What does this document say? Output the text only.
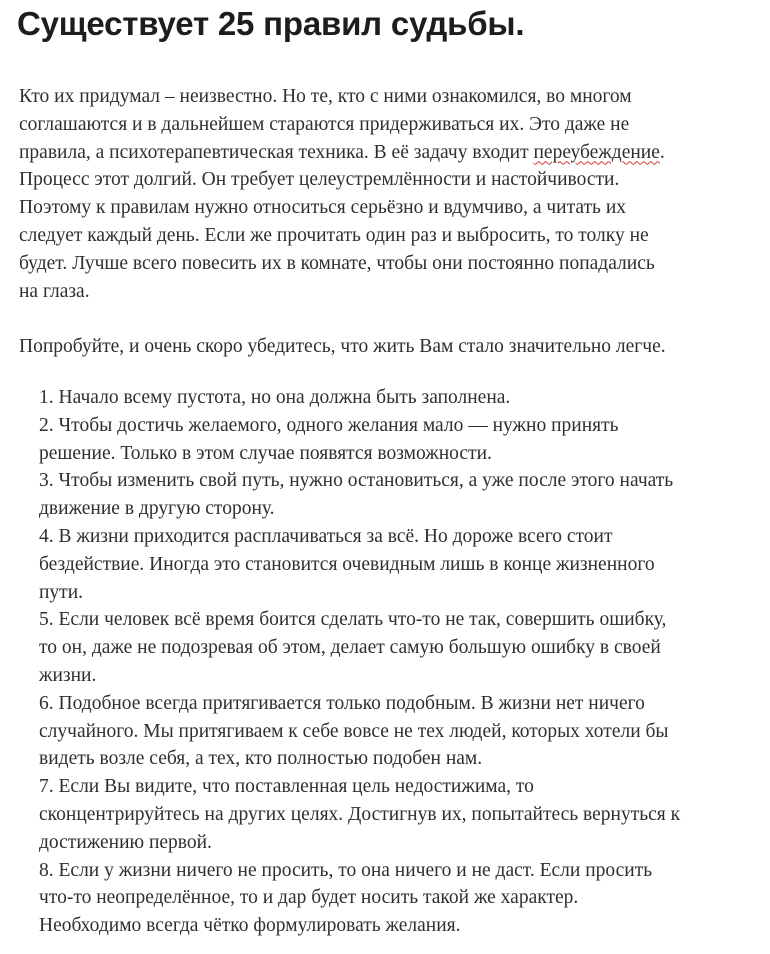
Существует 25 правил судьбы.

Кто их придумал – неизвестно. Но те, кто с ними ознакомился, во многом
соглашаются и в дальнейшем стараются придерживаться их. Это даже не
правила, а психотерапевтическая техника. В её задачу входит переубеждение.
Процесс этот долгий. Он требует целеустремлённости и настойчивости.
Поэтому к правилам нужно относиться серьёзно и вдумчиво, а читать их
следует каждый день. Если же прочитать один раз и выбросить, то толку не
будет. Лучше всего повесить их в комнате, чтобы они постоянно попадались
на глаза.

Попробуйте, и очень скоро убедитесь, что жить Вам стало значительно легче.

1. Начало всему пустота, но она должна быть заполнена.
2. Чтобы достичь желаемого, одного желания мало — нужно принять
решение. Только в этом случае появятся возможности.
3. Чтобы изменить свой путь, нужно остановиться, а уже после этого начать
движение в другую сторону.
4. В жизни приходится расплачиваться за всё. Но дороже всего стоит
бездействие. Иногда это становится очевидным лишь в конце жизненного
пути.
5. Если человек всё время боится сделать что-то не так, совершить ошибку,
то он, даже не подозревая об этом, делает самую большую ошибку в своей
жизни.
6. Подобное всегда притягивается только подобным. В жизни нет ничего
случайного. Мы притягиваем к себе вовсе не тех людей, которых хотели бы
видеть возле себя, а тех, кто полностью подобен нам.
7. Если Вы видите, что поставленная цель недостижима, то
сконцентрируйтесь на других целях. Достигнув их, попытайтесь вернуться к
достижению первой.
8. Если у жизни ничего не просить, то она ничего и не даст. Если просить
что-то неопределённое, то и дар будет носить такой же характер.
Необходимо всегда чётко формулировать желания.
